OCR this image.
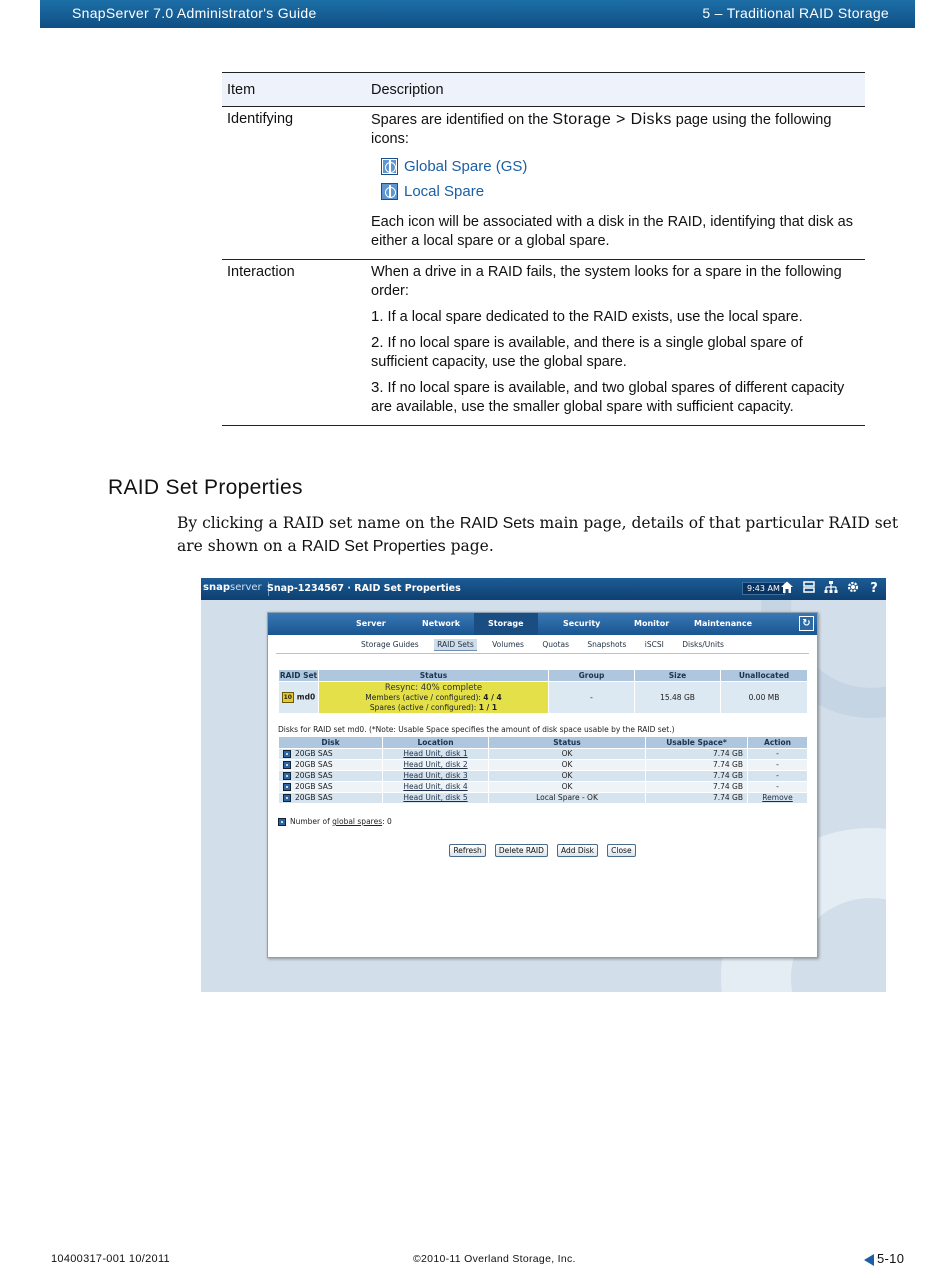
SnapServer 7.0 Administrator's Guide	5 – Traditional RAID Storage
Item	Description
Identifying	Spares are identified on the Storage > Disks page using the following icons:

Global Spare (GS)
Local Spare

Each icon will be associated with a disk in the RAID, identifying that disk as either a local spare or a global spare.

Interaction	When a drive in a RAID fails, the system looks for a spare in the following order:

1. If a local spare dedicated to the RAID exists, use the local spare.

2. If no local spare is available, and there is a single global spare of sufficient capacity, use the global spare.

3. If no local spare is available, and two global spares of different capacity are available, use the smaller global spare with sufficient capacity.

RAID Set Properties
By clicking a RAID set name on the RAID Sets main page, details of that particular RAID set are shown on a RAID Set Properties page.
snapserver Snap-1234567 · RAID Set Properties	9:43 AM	?
Server	Network	Storage	Security	Monitor	Maintenance	↻
Storage Guides RAID Sets Volumes Quotas Snapshots iSCSI Disks/Units
RAID Set	Status	Group	Size	Unallocated
10 md0	Resync: 40% complete
Members (active / configured): 4 / 4
Spares (active / configured): 1 / 1	-	15.48 GB	0.00 MB
Disks for RAID set md0. (*Note: Usable Space specifies the amount of disk space usable by the RAID set.)
Disk	Location	Status	Usable Space*	Action
20GB SAS	Head Unit, disk 1	OK	7.74 GB	-
20GB SAS	Head Unit, disk 2	OK	7.74 GB	-
20GB SAS	Head Unit, disk 3	OK	7.74 GB	-
20GB SAS	Head Unit, disk 4	OK	7.74 GB	-
20GB SAS	Head Unit, disk 5	Local Spare - OK	7.74 GB	Remove
Number of global spares: 0
Refresh Delete RAID Add Disk Close
10400317-001 10/2011	©2010-11 Overland Storage, Inc.	5-10
